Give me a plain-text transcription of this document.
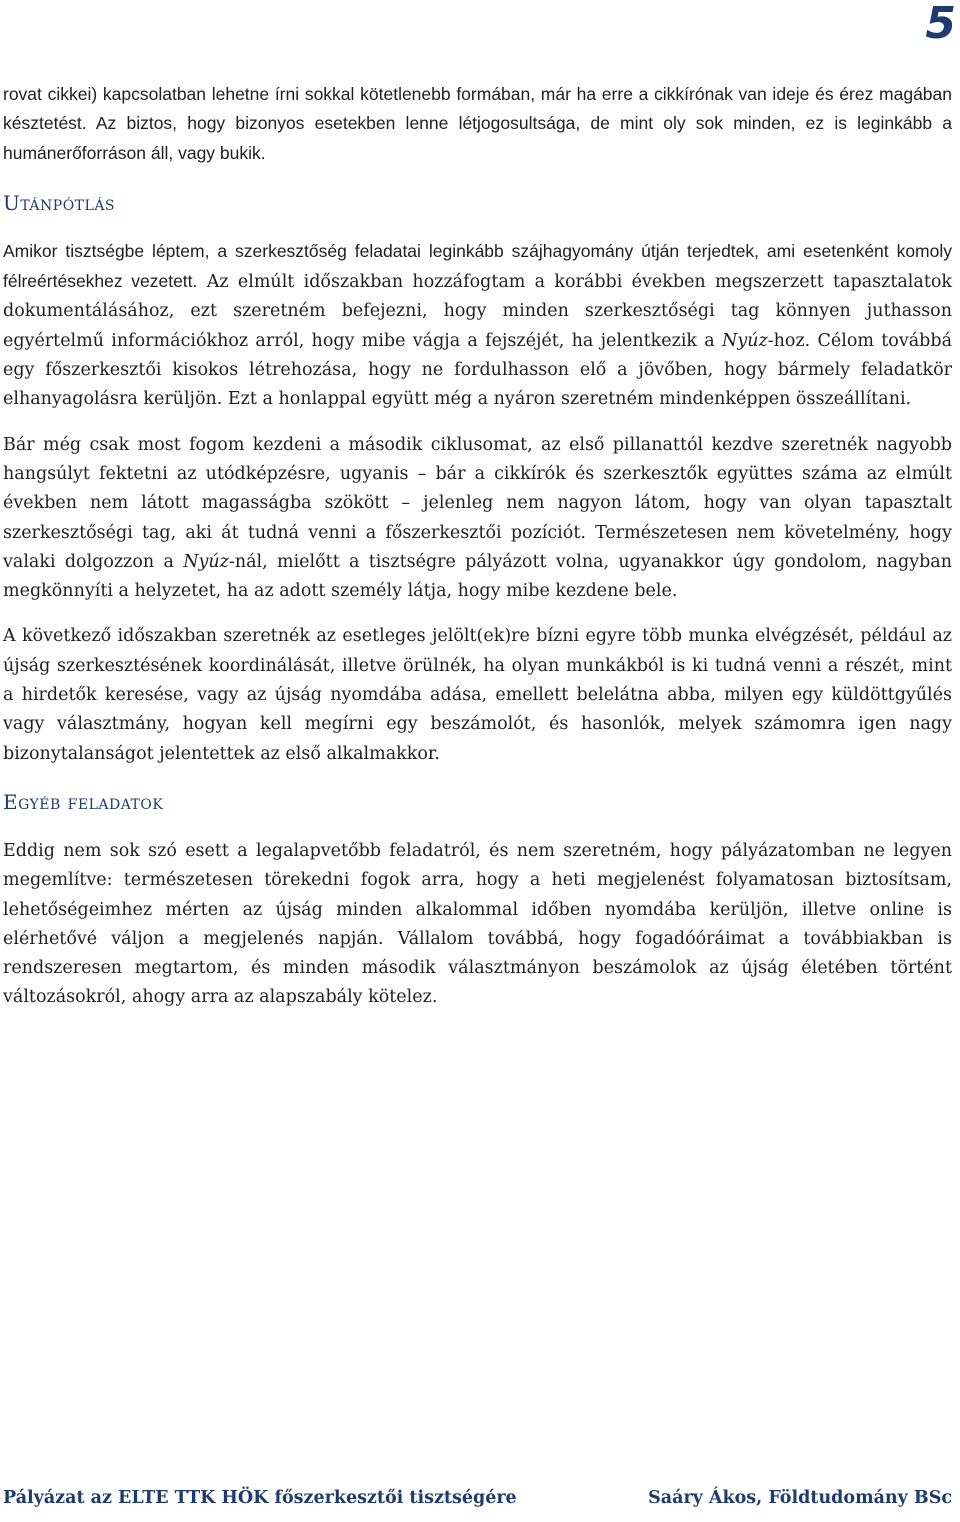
5

rovat cikkei) kapcsolatban lehetne írni sokkal kötetlenebb formában, már ha erre a cikkírónak van ideje és érez magában késztetést. Az biztos, hogy bizonyos esetekben lenne létjogosultsága, de mint oly sok minden, ez is leginkább a humánerőforráson áll, vagy bukik.

Utánpótlás

Amikor tisztségbe léptem, a szerkesztőség feladatai leginkább szájhagyomány útján terjedtek, ami esetenként komoly félreértésekhez vezetett. Az elmúlt időszakban hozzáfogtam a korábbi években megszerzett tapasztalatok dokumentálásához, ezt szeretném befejezni, hogy minden szerkesztőségi tag könnyen juthasson egyértelmű információkhoz arról, hogy mibe vágja a fejszéjét, ha jelentkezik a Nyúz-hoz. Célom továbbá egy főszerkesztői kisokos létrehozása, hogy ne fordulhasson elő a jövőben, hogy bármely feladatkör elhanyagolásra kerüljön. Ezt a honlappal együtt még a nyáron szeretném mindenképpen összeállítani.

Bár még csak most fogom kezdeni a második ciklusomat, az első pillanattól kezdve szeretnék nagyobb hangsúlyt fektetni az utódképzésre, ugyanis – bár a cikkírók és szerkesztők együttes száma az elmúlt években nem látott magasságba szökött – jelenleg nem nagyon látom, hogy van olyan tapasztalt szerkesztőségi tag, aki át tudná venni a főszerkesztői pozíciót. Természetesen nem követelmény, hogy valaki dolgozzon a Nyúz-nál, mielőtt a tisztségre pályázott volna, ugyanakkor úgy gondolom, nagyban megkönnyíti a helyzetet, ha az adott személy látja, hogy mibe kezdene bele.

A következő időszakban szeretnék az esetleges jelölt(ek)re bízni egyre több munka elvégzését, például az újság szerkesztésének koordinálását, illetve örülnék, ha olyan munkákból is ki tudná venni a részét, mint a hirdetők keresése, vagy az újság nyomdába adása, emellett belelátna abba, milyen egy küldöttgyűlés vagy választmány, hogyan kell megírni egy beszámolót, és hasonlók, melyek számomra igen nagy bizonytalanságot jelentettek az első alkalmakkor.

Egyéb feladatok

Eddig nem sok szó esett a legalapvetőbb feladatról, és nem szeretném, hogy pályázatomban ne legyen megemlítve: természetesen törekedni fogok arra, hogy a heti megjelenést folyamatosan biztosítsam, lehetőségeimhez mérten az újság minden alkalommal időben nyomdába kerüljön, illetve online is elérhetővé váljon a megjelenés napján. Vállalom továbbá, hogy fogadóóráimat a továbbiakban is rendszeresen megtartom, és minden második választmányon beszámolok az újság életében történt változásokról, ahogy arra az alapszabály kötelez.

Pályázat az ELTE TTK HÖK főszerkesztői tisztségére	Saáry Ákos, Földtudomány BSc
